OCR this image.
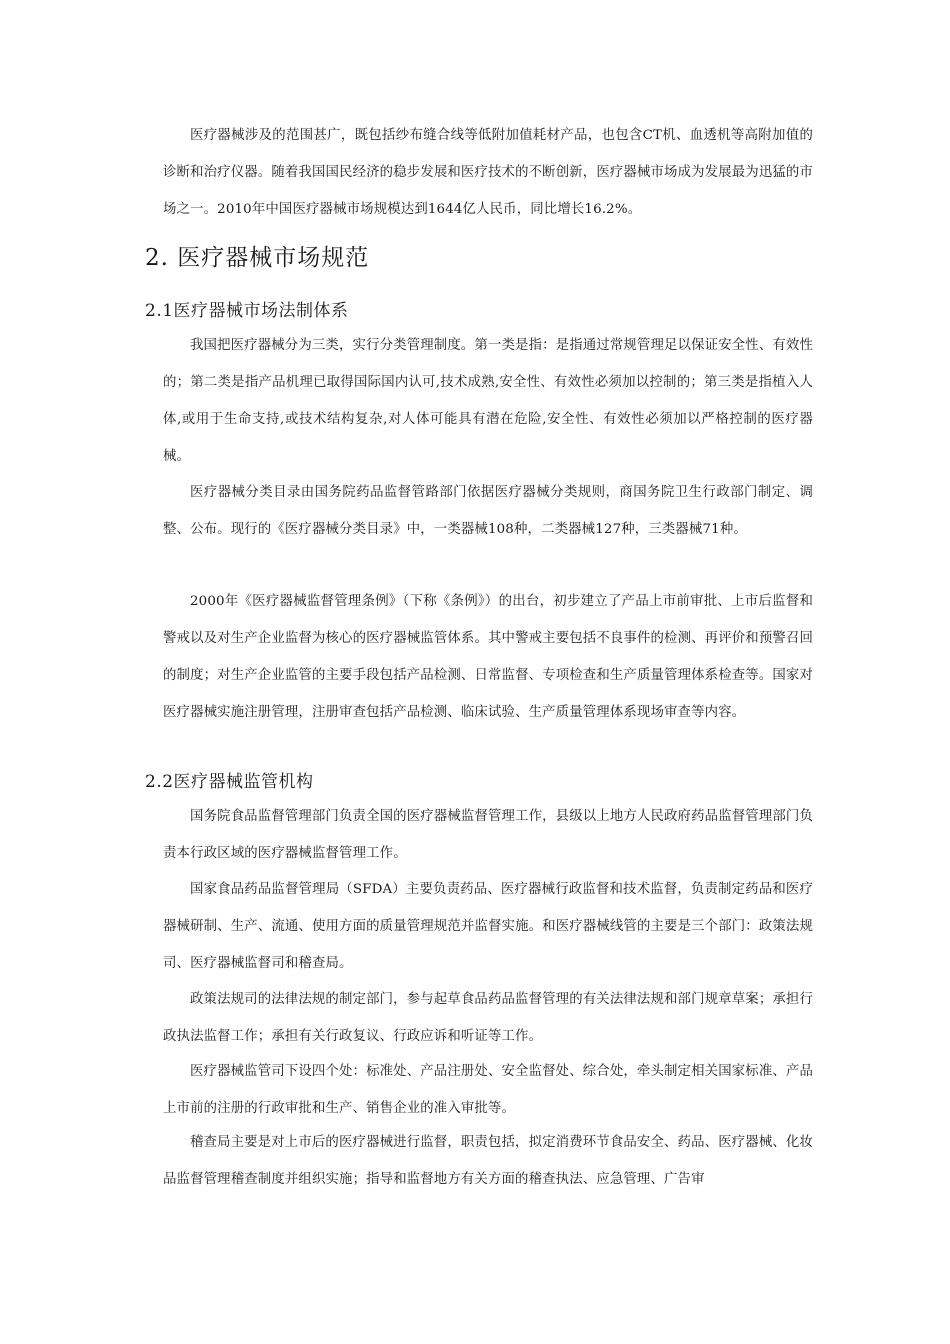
医疗器械涉及的范围甚广，既包括纱布缝合线等低附加值耗材产品，也包含CT机、血透机等高附加值的诊断和治疗仪器。随着我国国民经济的稳步发展和医疗技术的不断创新，医疗器械市场成为发展最为迅猛的市场之一。2010年中国医疗器械市场规模达到1644亿人民币，同比增长16.2%。

2. 医疗器械市场规范
2.1医疗器械市场法制体系

我国把医疗器械分为三类，实行分类管理制度。第一类是指：是指通过常规管理足以保证安全性、有效性的；第二类是指产品机理已取得国际国内认可,技术成熟,安全性、有效性必须加以控制的；第三类是指植入人体,或用于生命支持,或技术结构复杂,对人体可能具有潜在危险,安全性、有效性必须加以严格控制的医疗器械。

医疗器械分类目录由国务院药品监督管路部门依据医疗器械分类规则，商国务院卫生行政部门制定、调整、公布。现行的《医疗器械分类目录》中，一类器械108种，二类器械127种，三类器械71种。

2000年《医疗器械监督管理条例》（下称《条例》）的出台，初步建立了产品上市前审批、上市后监督和警戒以及对生产企业监督为核心的医疗器械监管体系。其中警戒主要包括不良事件的检测、再评价和预警召回的制度；对生产企业监管的主要手段包括产品检测、日常监督、专项检查和生产质量管理体系检查等。国家对医疗器械实施注册管理，注册审查包括产品检测、临床试验、生产质量管理体系现场审查等内容。

2.2医疗器械监管机构

国务院食品监督管理部门负责全国的医疗器械监督管理工作，县级以上地方人民政府药品监督管理部门负责本行政区域的医疗器械监督管理工作。

国家食品药品监督管理局（SFDA）主要负责药品、医疗器械行政监督和技术监督，负责制定药品和医疗器械研制、生产、流通、使用方面的质量管理规范并监督实施。和医疗器械线管的主要是三个部门：政策法规司、医疗器械监督司和稽查局。

政策法规司的法律法规的制定部门，参与起草食品药品监督管理的有关法律法规和部门规章草案；承担行政执法监督工作；承担有关行政复议、行政应诉和听证等工作。

医疗器械监管司下设四个处：标准处、产品注册处、安全监督处、综合处，牵头制定相关国家标准、产品上市前的注册的行政审批和生产、销售企业的准入审批等。

稽查局主要是对上市后的医疗器械进行监督，职责包括，拟定消费环节食品安全、药品、医疗器械、化妆品监督管理稽查制度并组织实施；指导和监督地方有关方面的稽查执法、应急管理、广告审
